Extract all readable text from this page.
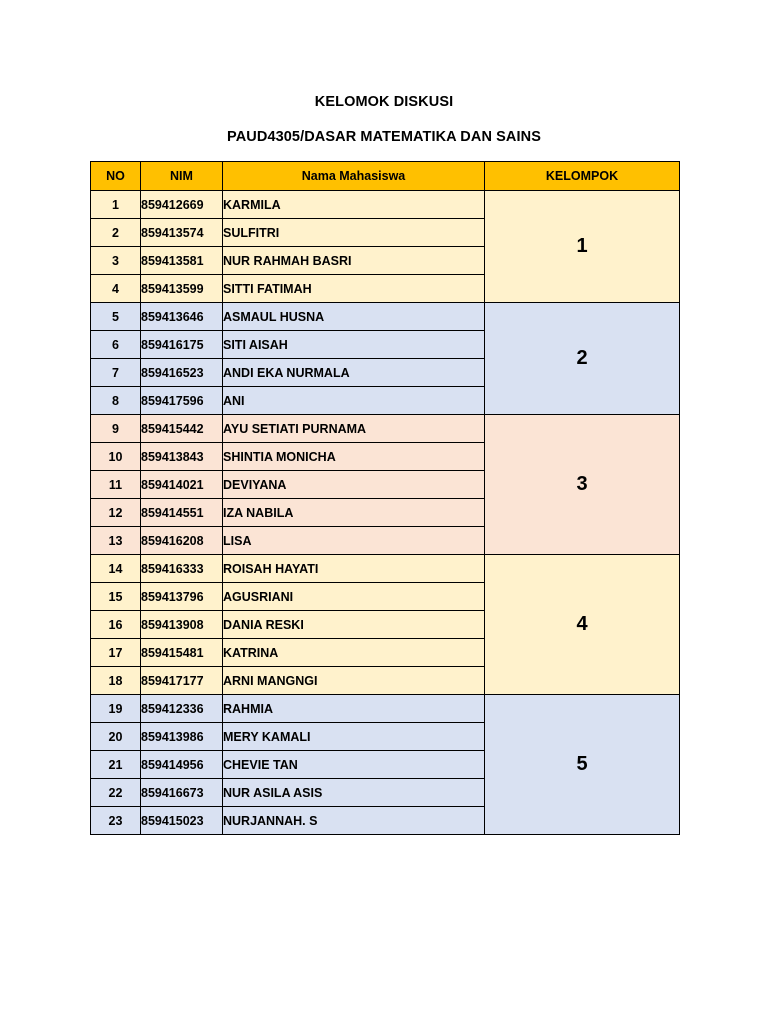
KELOMOK DISKUSI
PAUD4305/DASAR MATEMATIKA DAN SAINS
NO	NIM	Nama Mahasiswa	KELOMPOK
1	859412669	KARMILA	1
2	859413574	SULFITRI	
3	859413581	NUR RAHMAH BASRI	
4	859413599	SITTI FATIMAH	
5	859413646	ASMAUL HUSNA	2
6	859416175	SITI AISAH	
7	859416523	ANDI EKA NURMALA	
8	859417596	ANI	
9	859415442	AYU SETIATI PURNAMA	3
10	859413843	SHINTIA MONICHA	
11	859414021	DEVIYANA	
12	859414551	IZA NABILA	
13	859416208	LISA	
14	859416333	ROISAH HAYATI	4
15	859413796	AGUSRIANI	
16	859413908	DANIA RESKI	
17	859415481	KATRINA	
18	859417177	ARNI MANGNGI	
19	859412336	RAHMIA	5
20	859413986	MERY KAMALI	
21	859414956	CHEVIE TAN	
22	859416673	NUR ASILA ASIS	
23	859415023	NURJANNAH. S	
